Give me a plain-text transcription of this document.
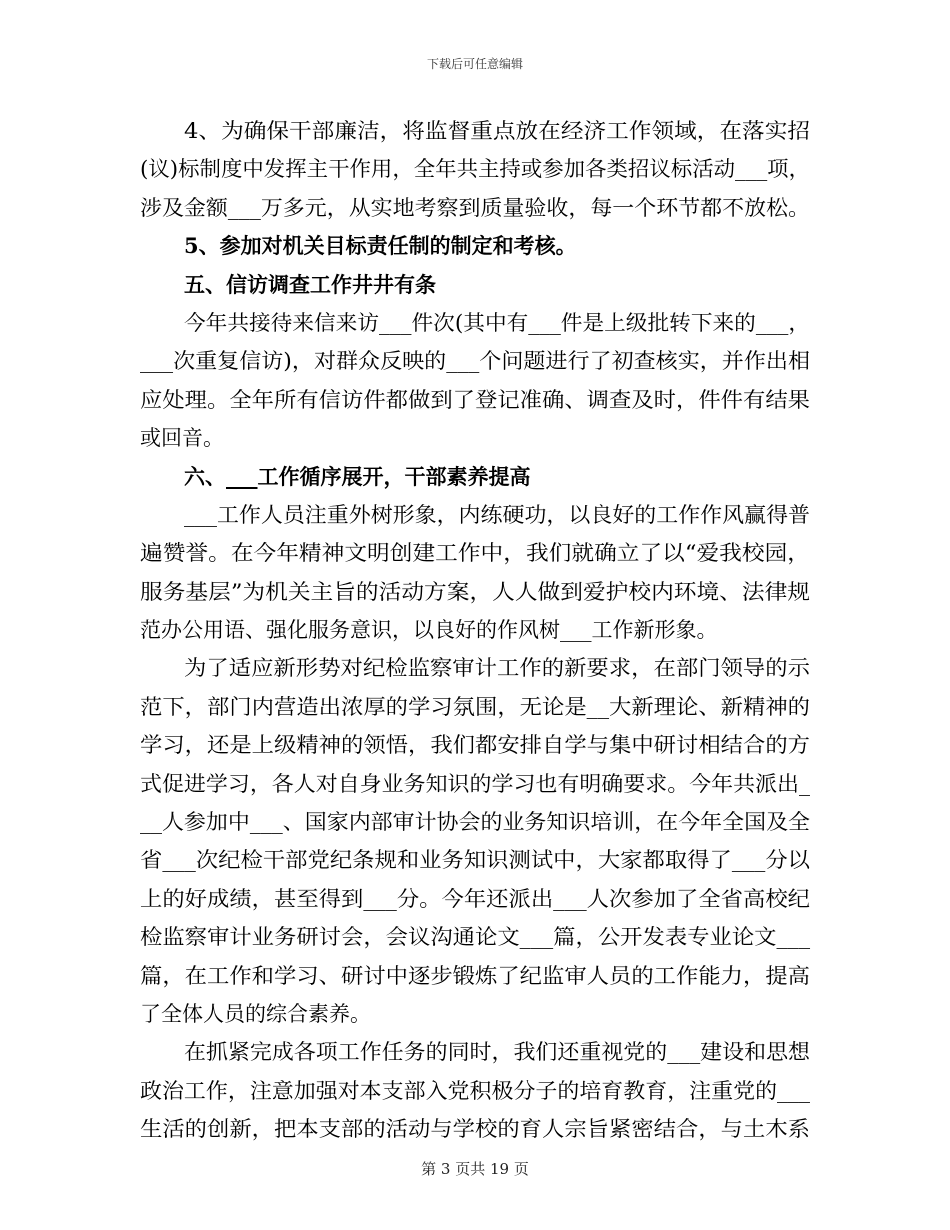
下载后可任意编辑
4、为确保干部廉洁，将监督重点放在经济工作领域，在落实招
(议)标制度中发挥主干作用，全年共主持或参加各类招议标活动___项，
涉及金额___万多元，从实地考察到质量验收，每一个环节都不放松。
5、参加对机关目标责任制的制定和考核。
五、信访调查工作井井有条
今年共接待来信来访___件次(其中有___件是上级批转下来的___，
___次重复信访)，对群众反映的___个问题进行了初查核实，并作出相
应处理。全年所有信访件都做到了登记准确、调查及时，件件有结果
或回音。
六、___工作循序展开，干部素养提高
___工作人员注重外树形象，内练硬功，以良好的工作作风赢得普
遍赞誉。在今年精神文明创建工作中，我们就确立了以“爱我校园，
服务基层”为机关主旨的活动方案，人人做到爱护校内环境、法律规
范办公用语、强化服务意识，以良好的作风树___工作新形象。
为了适应新形势对纪检监察审计工作的新要求，在部门领导的示
范下，部门内营造出浓厚的学习氛围，无论是__大新理论、新精神的
学习，还是上级精神的领悟，我们都安排自学与集中研讨相结合的方
式促进学习，各人对自身业务知识的学习也有明确要求。今年共派出_
__人参加中___、国家内部审计协会的业务知识培训，在今年全国及全
省___次纪检干部党纪条规和业务知识测试中，大家都取得了___分以
上的好成绩，甚至得到___分。今年还派出___人次参加了全省高校纪
检监察审计业务研讨会，会议沟通论文___篇，公开发表专业论文___
篇，在工作和学习、研讨中逐步锻炼了纪监审人员的工作能力，提高
了全体人员的综合素养。
在抓紧完成各项工作任务的同时，我们还重视党的___建设和思想
政治工作，注意加强对本支部入党积极分子的培育教育，注重党的___
生活的创新，把本支部的活动与学校的育人宗旨紧密结合，与土木系
第 3 页共 19 页
